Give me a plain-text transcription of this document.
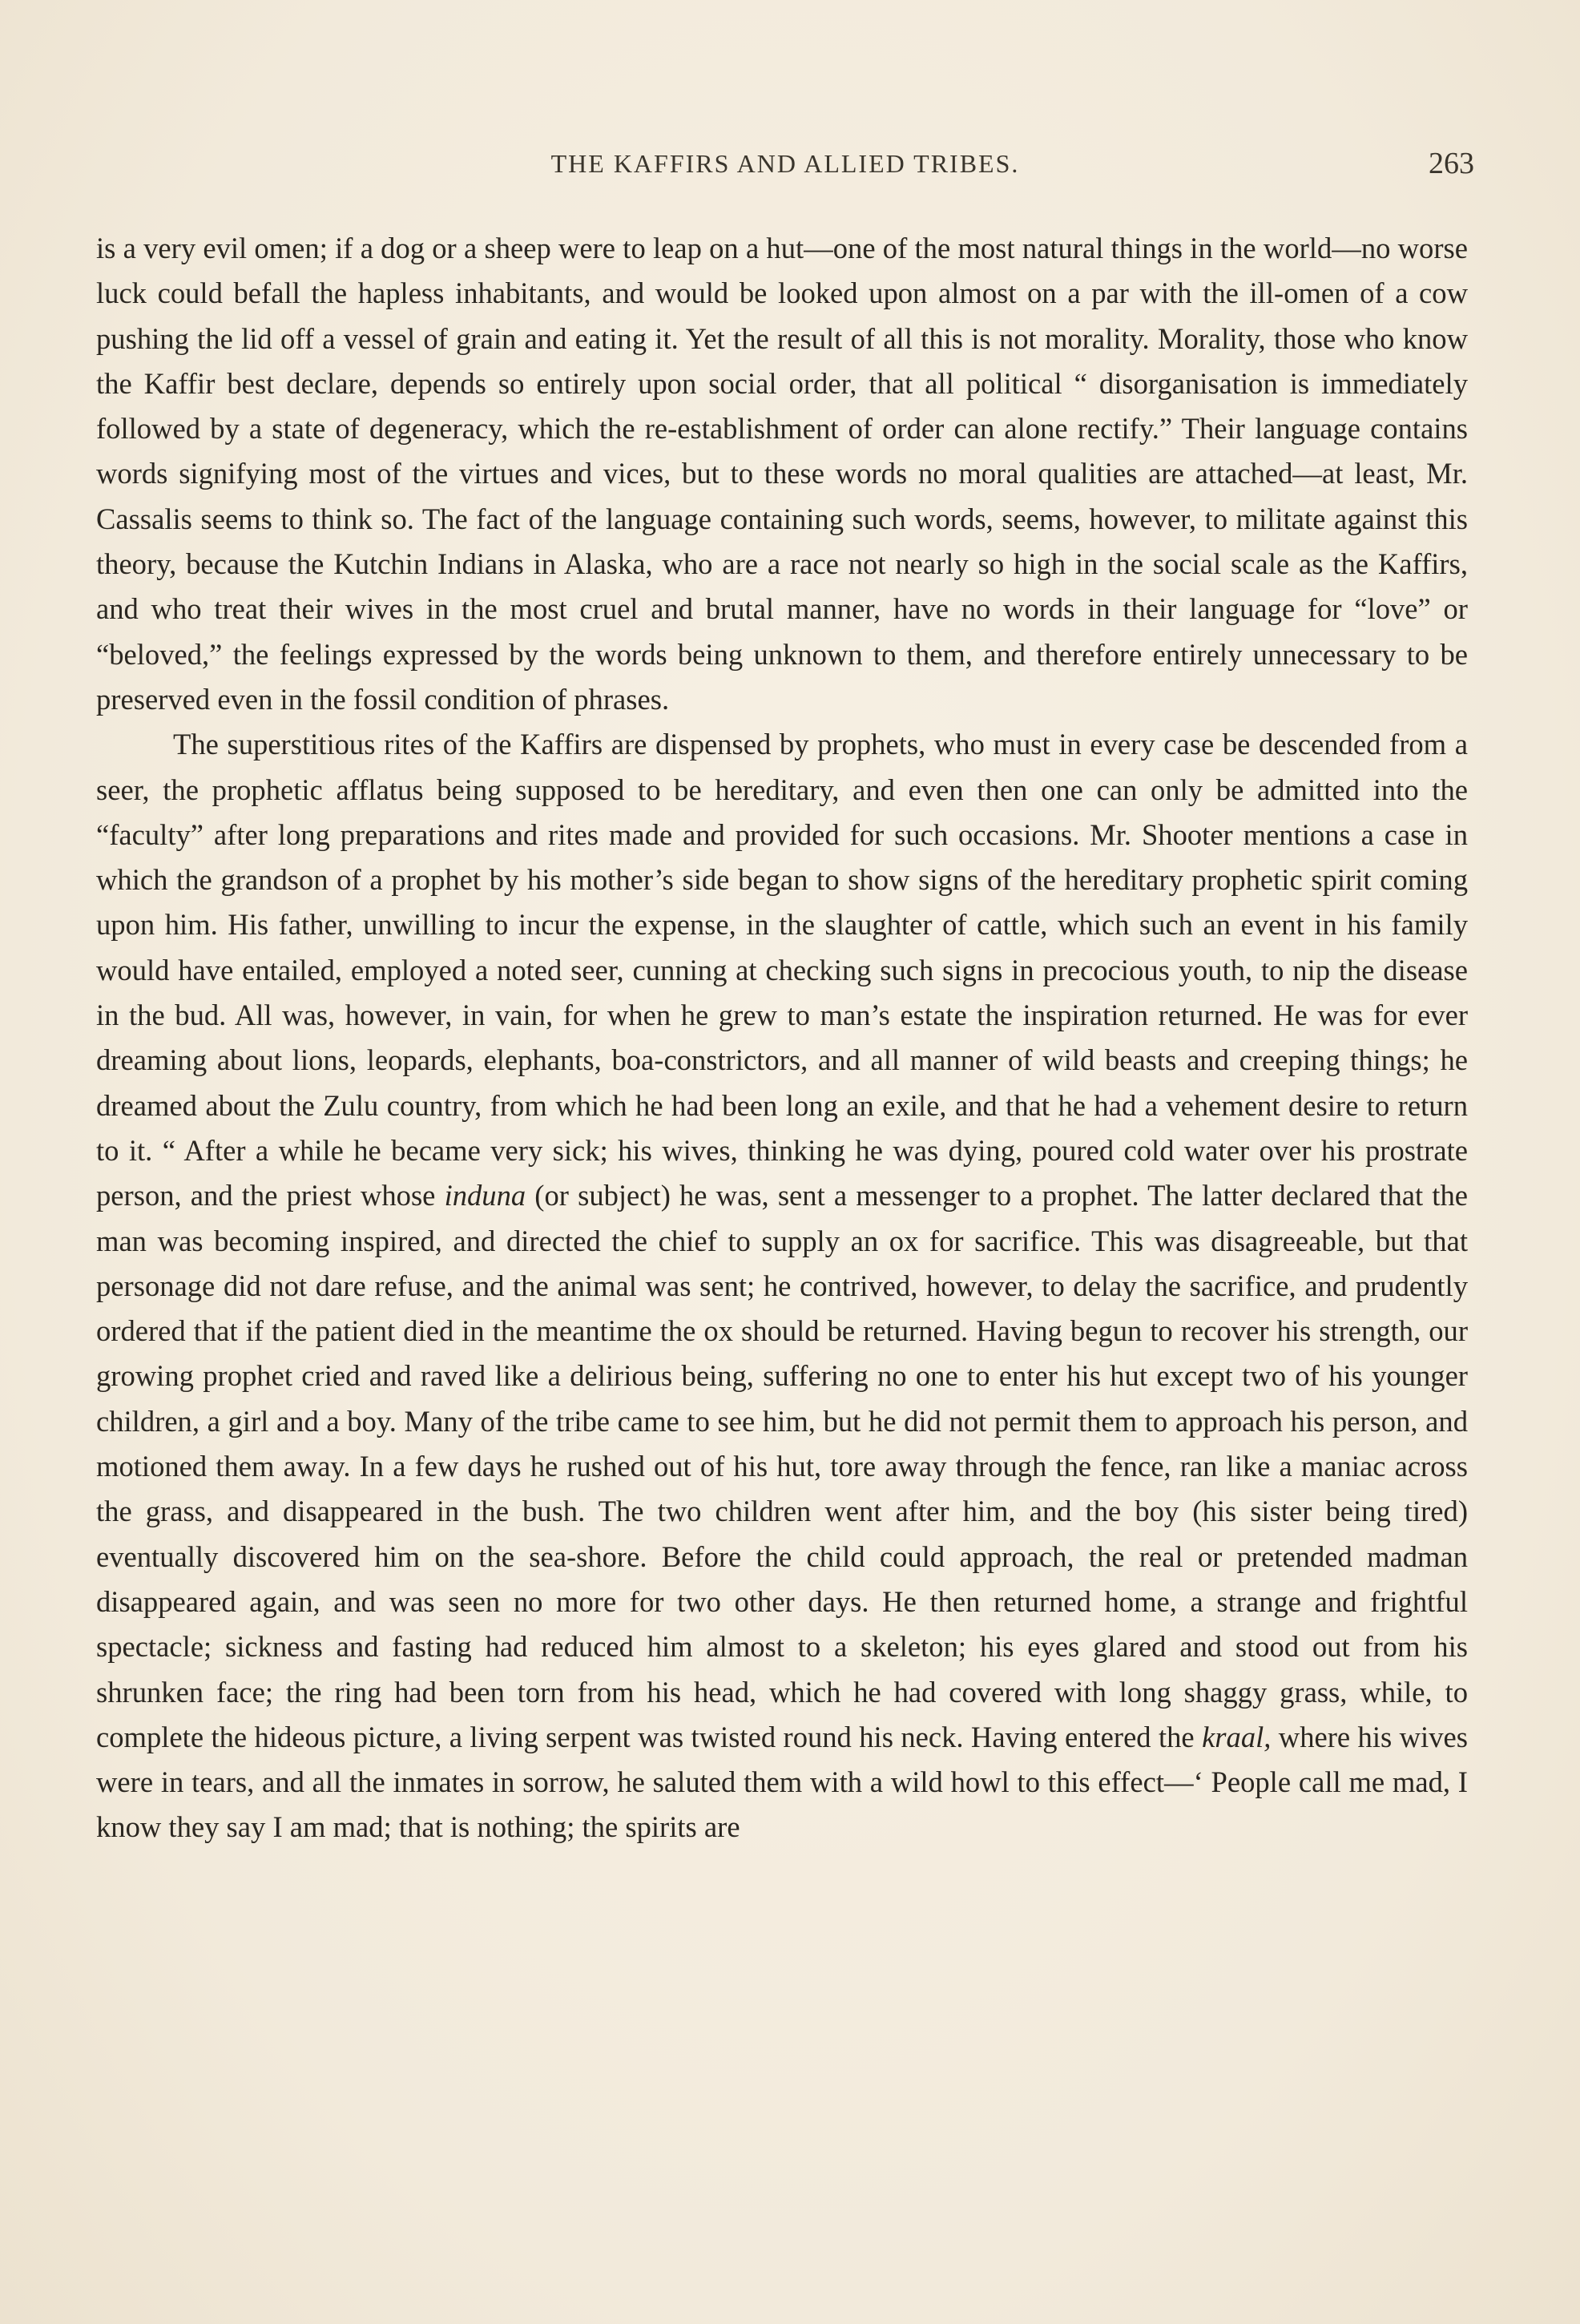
THE KAFFIRS AND ALLIED TRIBES.	263

is a very evil omen; if a dog or a sheep were to leap on a hut—one of the most natural things in the world—no worse luck could befall the hapless inhabitants, and would be looked upon almost on a par with the ill-omen of a cow pushing the lid off a vessel of grain and eating it. Yet the result of all this is not morality. Morality, those who know the Kaffir best declare, depends so entirely upon social order, that all political “ disorganisation is immediately followed by a state of degeneracy, which the re-establishment of order can alone rectify.” Their language contains words signifying most of the virtues and vices, but to these words no moral qualities are attached—at least, Mr. Cassalis seems to think so. The fact of the language containing such words, seems, however, to militate against this theory, because the Kutchin Indians in Alaska, who are a race not nearly so high in the social scale as the Kaffirs, and who treat their wives in the most cruel and brutal manner, have no words in their language for “love” or “beloved,” the feelings expressed by the words being unknown to them, and therefore entirely unnecessary to be preserved even in the fossil condition of phrases.

The superstitious rites of the Kaffirs are dispensed by prophets, who must in every case be descended from a seer, the prophetic afflatus being supposed to be hereditary, and even then one can only be admitted into the “faculty” after long preparations and rites made and provided for such occasions. Mr. Shooter mentions a case in which the grandson of a prophet by his mother’s side began to show signs of the hereditary prophetic spirit coming upon him. His father, unwilling to incur the expense, in the slaughter of cattle, which such an event in his family would have entailed, employed a noted seer, cunning at checking such signs in precocious youth, to nip the disease in the bud. All was, however, in vain, for when he grew to man’s estate the inspiration returned. He was for ever dreaming about lions, leopards, elephants, boa-constrictors, and all manner of wild beasts and creeping things; he dreamed about the Zulu country, from which he had been long an exile, and that he had a vehement desire to return to it. “ After a while he became very sick; his wives, thinking he was dying, poured cold water over his prostrate person, and the priest whose induna (or subject) he was, sent a messenger to a prophet. The latter declared that the man was becoming inspired, and directed the chief to supply an ox for sacrifice. This was disagreeable, but that personage did not dare refuse, and the animal was sent; he contrived, however, to delay the sacrifice, and prudently ordered that if the patient died in the meantime the ox should be returned. Having begun to recover his strength, our growing prophet cried and raved like a delirious being, suffering no one to enter his hut except two of his younger children, a girl and a boy. Many of the tribe came to see him, but he did not permit them to approach his person, and motioned them away. In a few days he rushed out of his hut, tore away through the fence, ran like a maniac across the grass, and disappeared in the bush. The two children went after him, and the boy (his sister being tired) eventually discovered him on the sea-shore. Before the child could approach, the real or pretended madman disappeared again, and was seen no more for two other days. He then returned home, a strange and frightful spectacle; sickness and fasting had reduced him almost to a skeleton; his eyes glared and stood out from his shrunken face; the ring had been torn from his head, which he had covered with long shaggy grass, while, to complete the hideous picture, a living serpent was twisted round his neck. Having entered the kraal, where his wives were in tears, and all the inmates in sorrow, he saluted them with a wild howl to this effect—‘ People call me mad, I know they say I am mad; that is nothing; the spirits are
